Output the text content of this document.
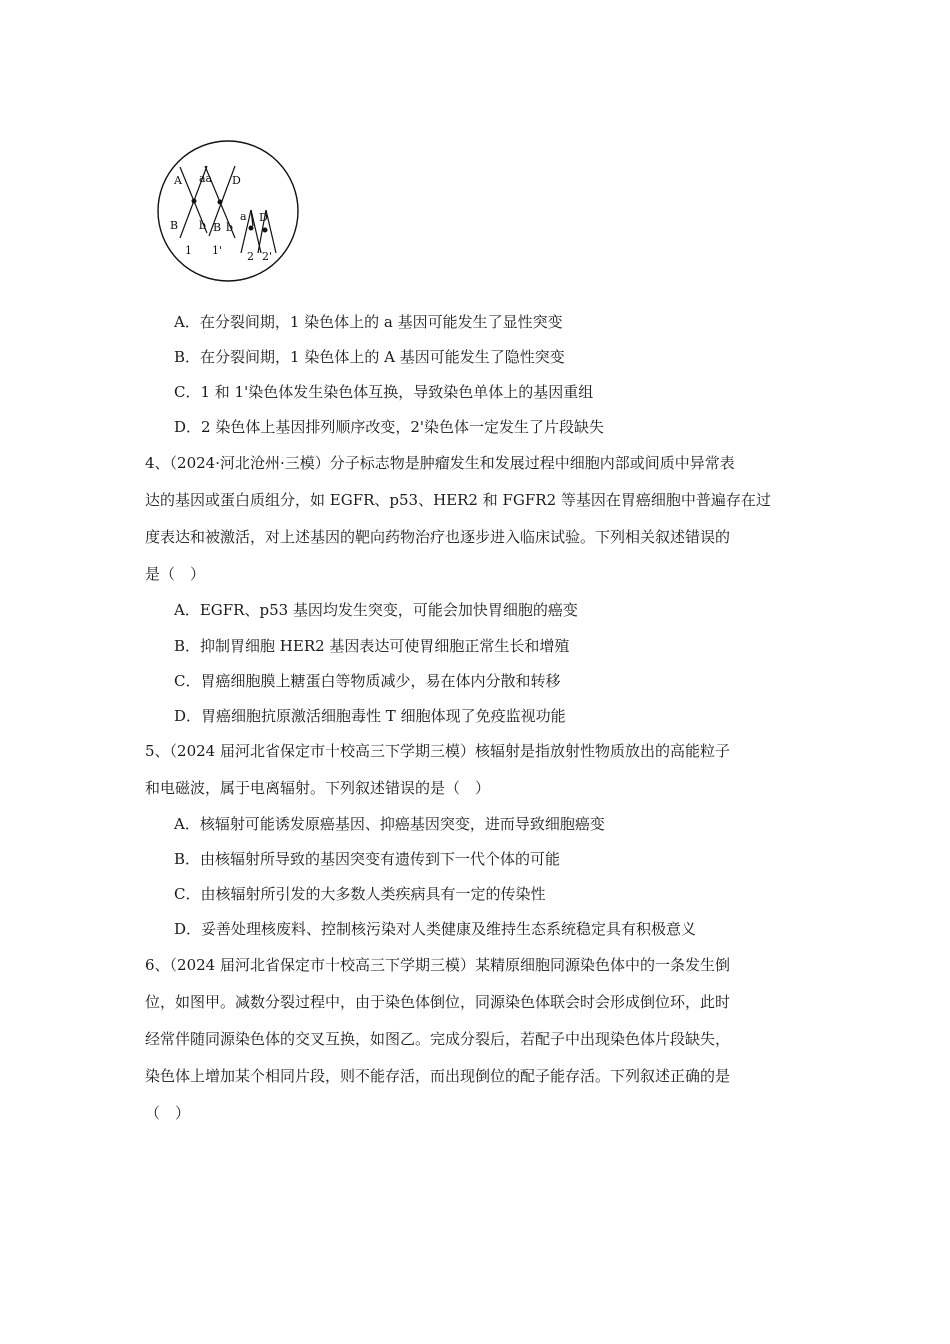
A aa D
B b B b
a D
1 1' 2 2'
A．在分裂间期，1 染色体上的 a 基因可能发生了显性突变
B．在分裂间期，1 染色体上的 A 基因可能发生了隐性突变
C．1 和 1'染色体发生染色体互换，导致染色单体上的基因重组
D．2 染色体上基因排列顺序改变，2'染色体一定发生了片段缺失
4、（2024·河北沧州·三模）分子标志物是肿瘤发生和发展过程中细胞内部或间质中异常表
达的基因或蛋白质组分，如 EGFR、p53、HER2 和 FGFR2 等基因在胃癌细胞中普遍存在过
度表达和被激活，对上述基因的靶向药物治疗也逐步进入临床试验。下列相关叙述错误的
是（　）
A．EGFR、p53 基因均发生突变，可能会加快胃细胞的癌变
B．抑制胃细胞 HER2 基因表达可使胃细胞正常生长和增殖
C．胃癌细胞膜上糖蛋白等物质减少，易在体内分散和转移
D．胃癌细胞抗原激活细胞毒性 T 细胞体现了免疫监视功能
5、（2024 届河北省保定市十校高三下学期三模）核辐射是指放射性物质放出的高能粒子
和电磁波，属于电离辐射。下列叙述错误的是（　）
A．核辐射可能诱发原癌基因、抑癌基因突变，进而导致细胞癌变
B．由核辐射所导致的基因突变有遗传到下一代个体的可能
C．由核辐射所引发的大多数人类疾病具有一定的传染性
D．妥善处理核废料、控制核污染对人类健康及维持生态系统稳定具有积极意义
6、（2024 届河北省保定市十校高三下学期三模）某精原细胞同源染色体中的一条发生倒
位，如图甲。减数分裂过程中，由于染色体倒位，同源染色体联会时会形成倒位环，此时
经常伴随同源染色体的交叉互换，如图乙。完成分裂后，若配子中出现染色体片段缺失，
染色体上增加某个相同片段，则不能存活，而出现倒位的配子能存活。下列叙述正确的是
（　）
